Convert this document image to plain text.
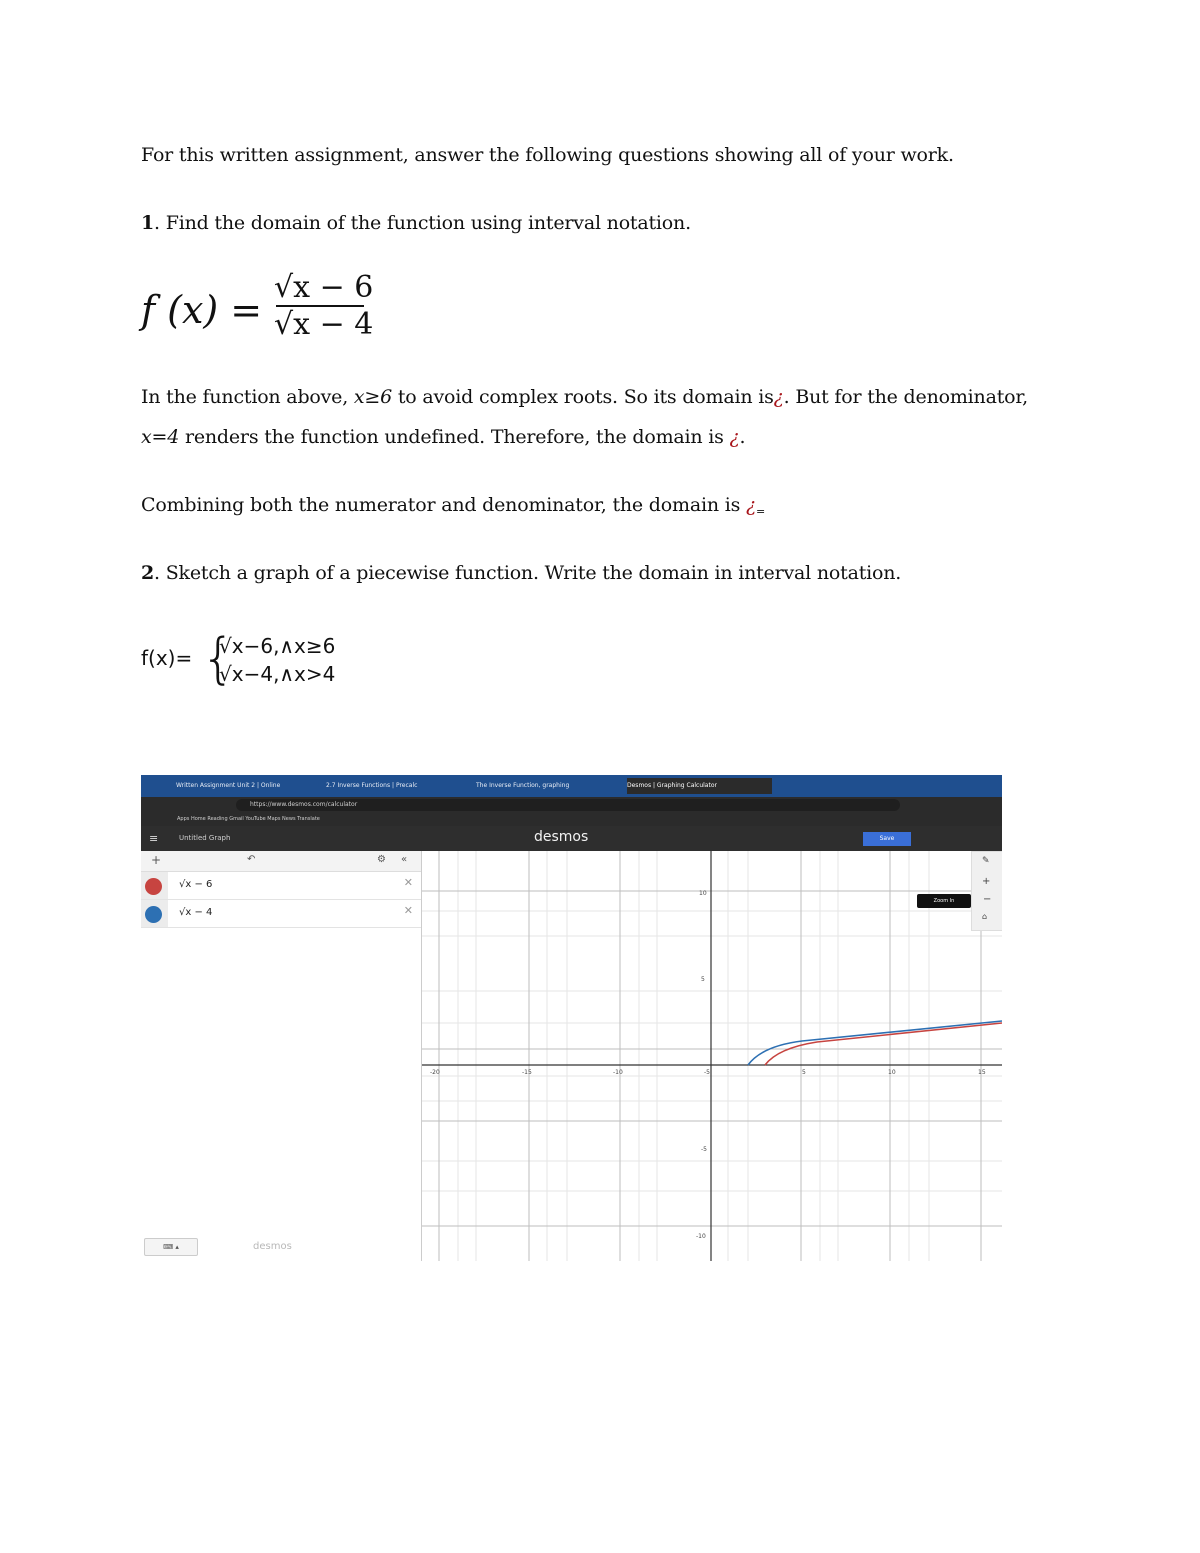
For this written assignment, answer the following questions showing all of your work.
1. Find the domain of the function using interval notation.
f (x) =
√x − 6
√x − 4
In the function above, x≥6 to avoid complex roots. So its domain is¿. But for the denominator,
x=4 renders the function undefined. Therefore, the domain is ¿.
Combining both the numerator and denominator, the domain is ¿$_=$
2. Sketch a graph of a piecewise function. Write the domain in interval notation.
f(x)= {
√x−6,∧x≥6
√x−4,∧x>4
Written Assignment Unit 2 | Online	2.7 Inverse Functions | Precalc	The Inverse Function, graphing	Desmos | Graphing Calculator
https://www.desmos.com/calculator
Apps Home Reading Gmail YouTube Maps News Translate
≡	Untitled Graph	desmos	Save
+	↶	⚙ «
√x − 6	✕
√x − 4	✕
⌨ ▴	desmos
-20	-15	-10	-5	5	10	15
10
5
-5
-10
✎
+
−
⌂
Zoom In
